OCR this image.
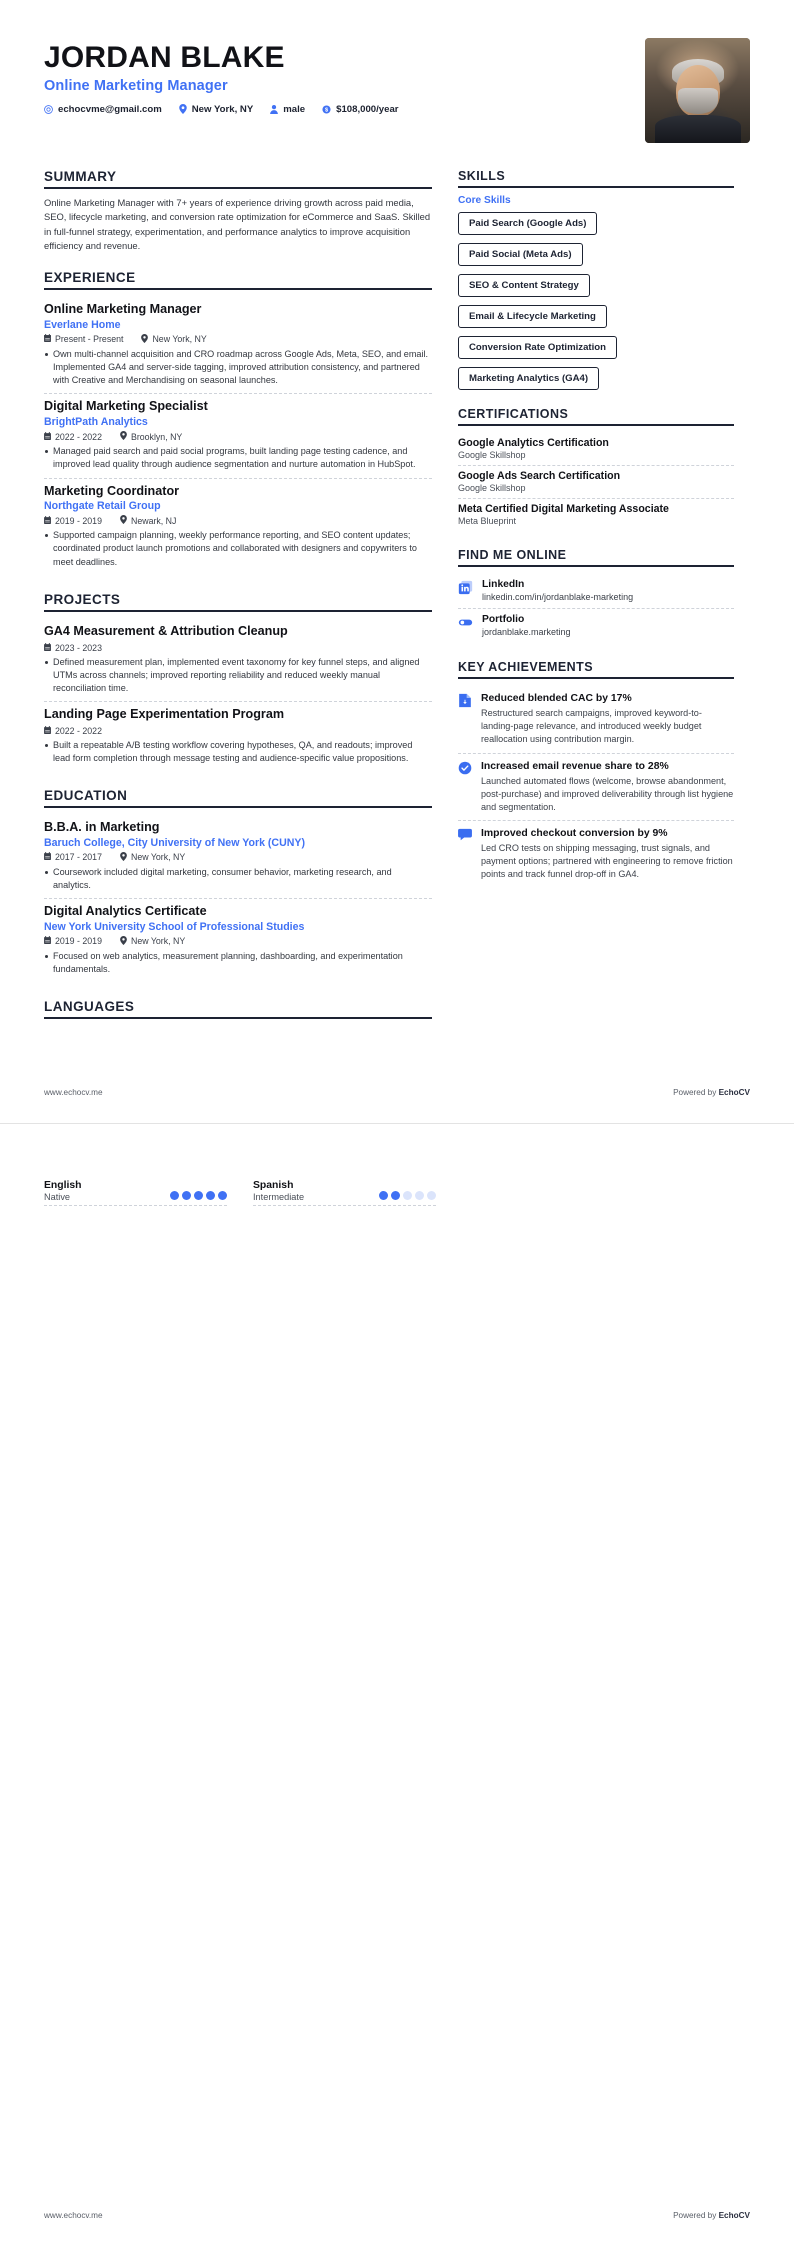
JORDAN BLAKE
Online Marketing Manager
echocvme@gmail.com	New York, NY	male $ $108,000/year
SUMMARY
Online Marketing Manager with 7+ years of experience driving growth across paid media, SEO, lifecycle marketing, and conversion rate optimization for eCommerce and SaaS. Skilled in full-funnel strategy, experimentation, and performance analytics to improve acquisition efficiency and revenue.
EXPERIENCE
Online Marketing Manager
Everlane Home
Present - Present	New York, NY
Own multi-channel acquisition and CRO roadmap across Google Ads, Meta, SEO, and email. Implemented GA4 and server-side tagging, improved attribution consistency, and partnered with Creative and Merchandising on seasonal launches.
Digital Marketing Specialist
BrightPath Analytics
2022 - 2022	Brooklyn, NY
Managed paid search and paid social programs, built landing page testing cadence, and improved lead quality through audience segmentation and nurture automation in HubSpot.
Marketing Coordinator
Northgate Retail Group
2019 - 2019	Newark, NJ
Supported campaign planning, weekly performance reporting, and SEO content updates; coordinated product launch promotions and collaborated with designers and copywriters to meet deadlines.
PROJECTS
GA4 Measurement & Attribution Cleanup
2023 - 2023
Defined measurement plan, implemented event taxonomy for key funnel steps, and aligned UTMs across channels; improved reporting reliability and reduced weekly manual reconciliation time.
Landing Page Experimentation Program
2022 - 2022
Built a repeatable A/B testing workflow covering hypotheses, QA, and readouts; improved lead form completion through message testing and audience-specific value propositions.
EDUCATION
B.B.A. in Marketing
Baruch College, City University of New York (CUNY)
2017 - 2017	New York, NY
Coursework included digital marketing, consumer behavior, marketing research, and analytics.
Digital Analytics Certificate
New York University School of Professional Studies
2019 - 2019	New York, NY
Focused on web analytics, measurement planning, dashboarding, and experimentation fundamentals.
LANGUAGES
SKILLS
Core Skills
Paid Search (Google Ads)
Paid Social (Meta Ads)
SEO & Content Strategy
Email & Lifecycle Marketing
Conversion Rate Optimization
Marketing Analytics (GA4)
CERTIFICATIONS
Google Analytics Certification
Google Skillshop
Google Ads Search Certification
Google Skillshop
Meta Certified Digital Marketing Associate
Meta Blueprint
FIND ME ONLINE
LinkedIn
linkedin.com/in/jordanblake-marketing
Portfolio
jordanblake.marketing
KEY ACHIEVEMENTS
Reduced blended CAC by 17%
Restructured search campaigns, improved keyword-to-landing-page relevance, and introduced weekly budget reallocation using contribution margin.
Increased email revenue share to 28%
Launched automated flows (welcome, browse abandonment, post-purchase) and improved deliverability through list hygiene and segmentation.
Improved checkout conversion by 9%
Led CRO tests on shipping messaging, trust signals, and payment options; partnered with engineering to remove friction points and track funnel drop-off in GA4.
www.echocv.me	Powered by EchoCV
English
Native
Spanish
Intermediate
www.echocv.me	Powered by EchoCV
